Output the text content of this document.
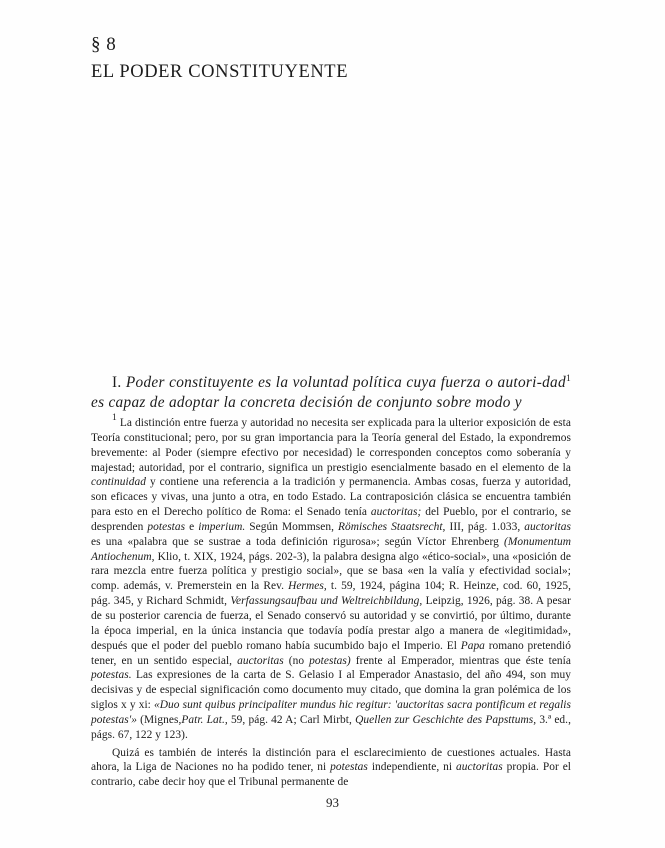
§ 8
EL PODER CONSTITUYENTE

I. Poder constituyente es la voluntad política cuya fuerza o autori-dad$^1$ es capaz de adoptar la concreta decisión de conjunto sobre modo y

$^1$ La distinción entre fuerza y autoridad no necesita ser explicada para la ulterior exposición de esta Teoría constitucional; pero, por su gran importancia para la Teoría general del Estado, la expondremos brevemente: al Poder (siempre efectivo por necesidad) le corresponden conceptos como soberanía y majestad; autoridad, por el contrario, significa un prestigio esencialmente basado en el elemento de la continuidad y contiene una referencia a la tradición y permanencia. Ambas cosas, fuerza y autoridad, son eficaces y vivas, una junto a otra, en todo Estado. La contraposición clásica se encuentra también para esto en el Derecho político de Roma: el Senado tenía auctoritas; del Pueblo, por el contrario, se desprenden potestas e imperium. Según Mommsen, Römisches Staatsrecht, III, pág. 1.033, auctoritas es una «palabra que se sustrae a toda definición rigurosa»; según Víctor Ehrenberg (Monumentum Antiochenum, Klio, t. XIX, 1924, págs. 202-3), la palabra designa algo «ético-social», una «posición de rara mezcla entre fuerza política y prestigio social», que se basa «en la valía y efectividad social»; comp. además, v. Premerstein en la Rev. Hermes, t. 59, 1924, página 104; R. Heinze, cod. 60, 1925, pág. 345, y Richard Schmidt, Verfassungsaufbau und Weltreichbildung, Leipzig, 1926, pág. 38. A pesar de su posterior carencia de fuerza, el Senado conservó su autoridad y se convirtió, por último, durante la época imperial, en la única instancia que todavía podía prestar algo a manera de «legitimidad», después que el poder del pueblo romano había sucumbido bajo el Imperio. El Papa romano pretendió tener, en un sentido especial, auctoritas (no potestas) frente al Emperador, mientras que éste tenía potestas. Las expresiones de la carta de S. Gelasio I al Emperador Anastasio, del año 494, son muy decisivas y de especial significación como documento muy citado, que domina la gran polémica de los siglos x y xi: «Duo sunt quibus principaliter mundus hic regitur: 'auctoritas sacra pontificum et regalis potestas'» (Mignes,Patr. Lat., 59, pág. 42 A; Carl Mirbt, Quellen zur Geschichte des Papsttums, 3.ª ed., págs. 67, 122 y 123).

Quizá es también de interés la distinción para el esclarecimiento de cuestiones actuales. Hasta ahora, la Liga de Naciones no ha podido tener, ni potestas independiente, ni auctoritas propia. Por el contrario, cabe decir hoy que el Tribunal permanente de

93
